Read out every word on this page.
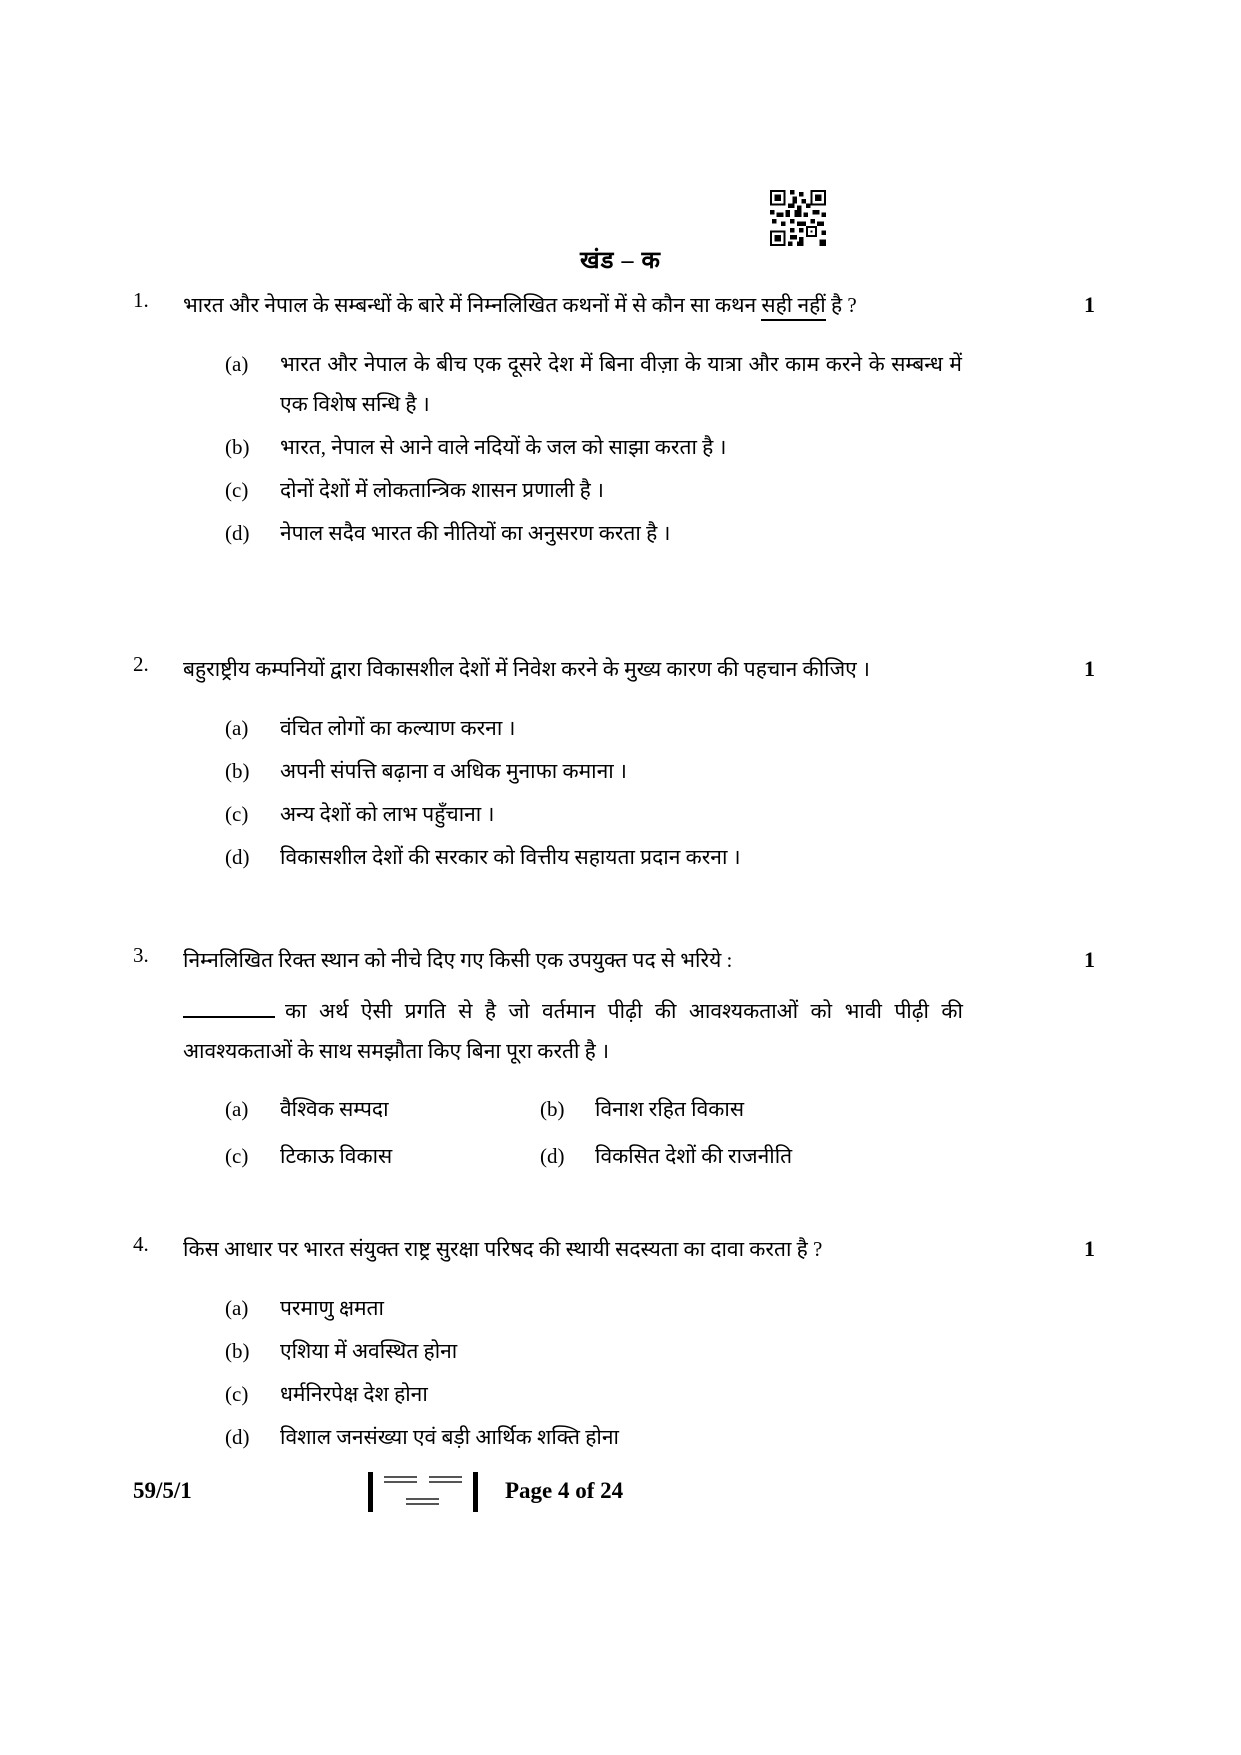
खंड – क
1
1.	भारत और नेपाल के सम्बन्धों के बारे में निम्नलिखित कथनों में से कौन सा कथन सही नहीं है ?
(a)	भारत और नेपाल के बीच एक दूसरे देश में बिना वीज़ा के यात्रा और काम करने के सम्बन्ध में एक विशेष सन्धि है ।
(b)	भारत, नेपाल से आने वाले नदियों के जल को साझा करता है ।
(c)	दोनों देशों में लोकतान्त्रिक शासन प्रणाली है ।
(d)	नेपाल सदैव भारत की नीतियों का अनुसरण करता है ।
1
2.	बहुराष्ट्रीय कम्पनियों द्वारा विकासशील देशों में निवेश करने के मुख्य कारण की पहचान कीजिए ।
(a)	वंचित लोगों का कल्याण करना ।
(b)	अपनी संपत्ति बढ़ाना व अधिक मुनाफा कमाना ।
(c)	अन्य देशों को लाभ पहुँचाना ।
(d)	विकासशील देशों की सरकार को वित्तीय सहायता प्रदान करना ।
1
3.	निम्नलिखित रिक्त स्थान को नीचे दिए गए किसी एक उपयुक्त पद से भरिये :
का अर्थ ऐसी प्रगति से है जो वर्तमान पीढ़ी की आवश्यकताओं को भावी पीढ़ी की आवश्यकताओं के साथ समझौता किए बिना पूरा करती है ।
(a)	वैश्विक सम्पदा	(b)	विनाश रहित विकास
(c)	टिकाऊ विकास	(d)	विकसित देशों की राजनीति
1
4.	किस आधार पर भारत संयुक्त राष्ट्र सुरक्षा परिषद की स्थायी सदस्यता का दावा करता है ?
(a)	परमाणु क्षमता
(b)	एशिया में अवस्थित होना
(c)	धर्मनिरपेक्ष देश होना
(d)	विशाल जनसंख्या एवं बड़ी आर्थिक शक्ति होना
59/5/1	Page 4 of 24
